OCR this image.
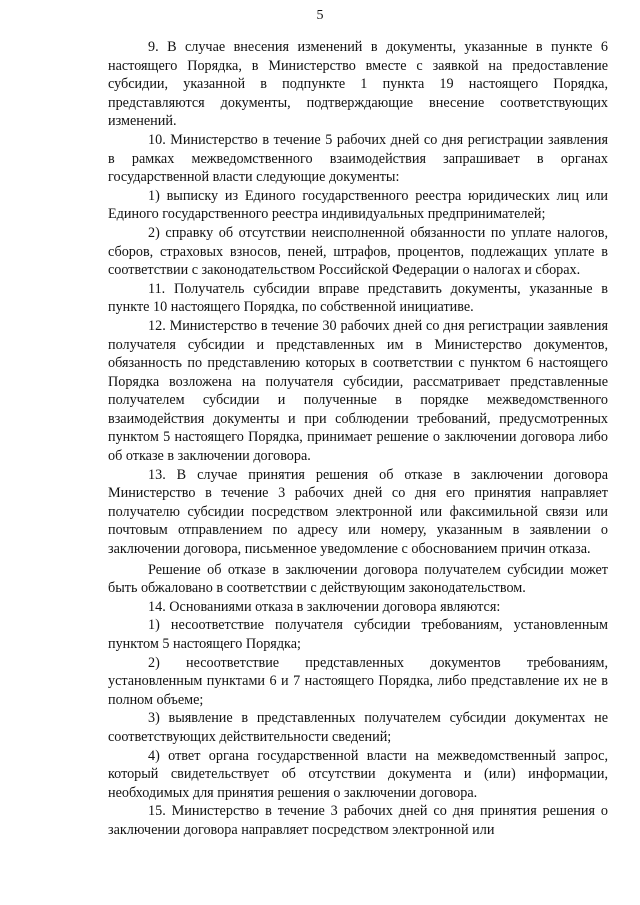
5

9. В случае внесения изменений в документы, указанные в пункте 6 настоящего Порядка, в Министерство вместе с заявкой на предоставление субсидии, указанной в подпункте 1 пункта 19 настоящего Порядка, представляются документы, подтверждающие внесение соответствующих изменений.

10. Министерство в течение 5 рабочих дней со дня регистрации заявления в рамках межведомственного взаимодействия запрашивает в органах государственной власти следующие документы:

1) выписку из Единого государственного реестра юридических лиц или Единого государственного реестра индивидуальных предпринимателей;

2) справку об отсутствии неисполненной обязанности по уплате налогов, сборов, страховых взносов, пеней, штрафов, процентов, подлежащих уплате в соответствии с законодательством Российской Федерации о налогах и сборах.

11. Получатель субсидии вправе представить документы, указанные в пункте 10 настоящего Порядка, по собственной инициативе.

12. Министерство в течение 30 рабочих дней со дня регистрации заявления получателя субсидии и представленных им в Министерство документов, обязанность по представлению которых в соответствии с пунктом 6 настоящего Порядка возложена на получателя субсидии, рассматривает представленные получателем субсидии и полученные в порядке межведомственного взаимодействия документы и при соблюдении требований, предусмотренных пунктом 5 настоящего Порядка, принимает решение о заключении договора либо об отказе в заключении договора.

13. В случае принятия решения об отказе в заключении договора Министерство в течение 3 рабочих дней со дня его принятия направляет получателю субсидии посредством электронной или факсимильной связи или почтовым отправлением по адресу или номеру, указанным в заявлении о заключении договора, письменное уведомление с обоснованием причин отказа.

Решение об отказе в заключении договора получателем субсидии может быть обжаловано в соответствии с действующим законодательством.

14. Основаниями отказа в заключении договора являются:

1) несоответствие получателя субсидии требованиям, установленным пунктом 5 настоящего Порядка;

2) несоответствие представленных документов требованиям, установленным пунктами 6 и 7 настоящего Порядка, либо представление их не в полном объеме;

3) выявление в представленных получателем субсидии документах не соответствующих действительности сведений;

4) ответ органа государственной власти на межведомственный запрос, который свидетельствует об отсутствии документа и (или) информации, необходимых для принятия решения о заключении договора.

15. Министерство в течение 3 рабочих дней со дня принятия решения о заключении договора направляет посредством электронной или
